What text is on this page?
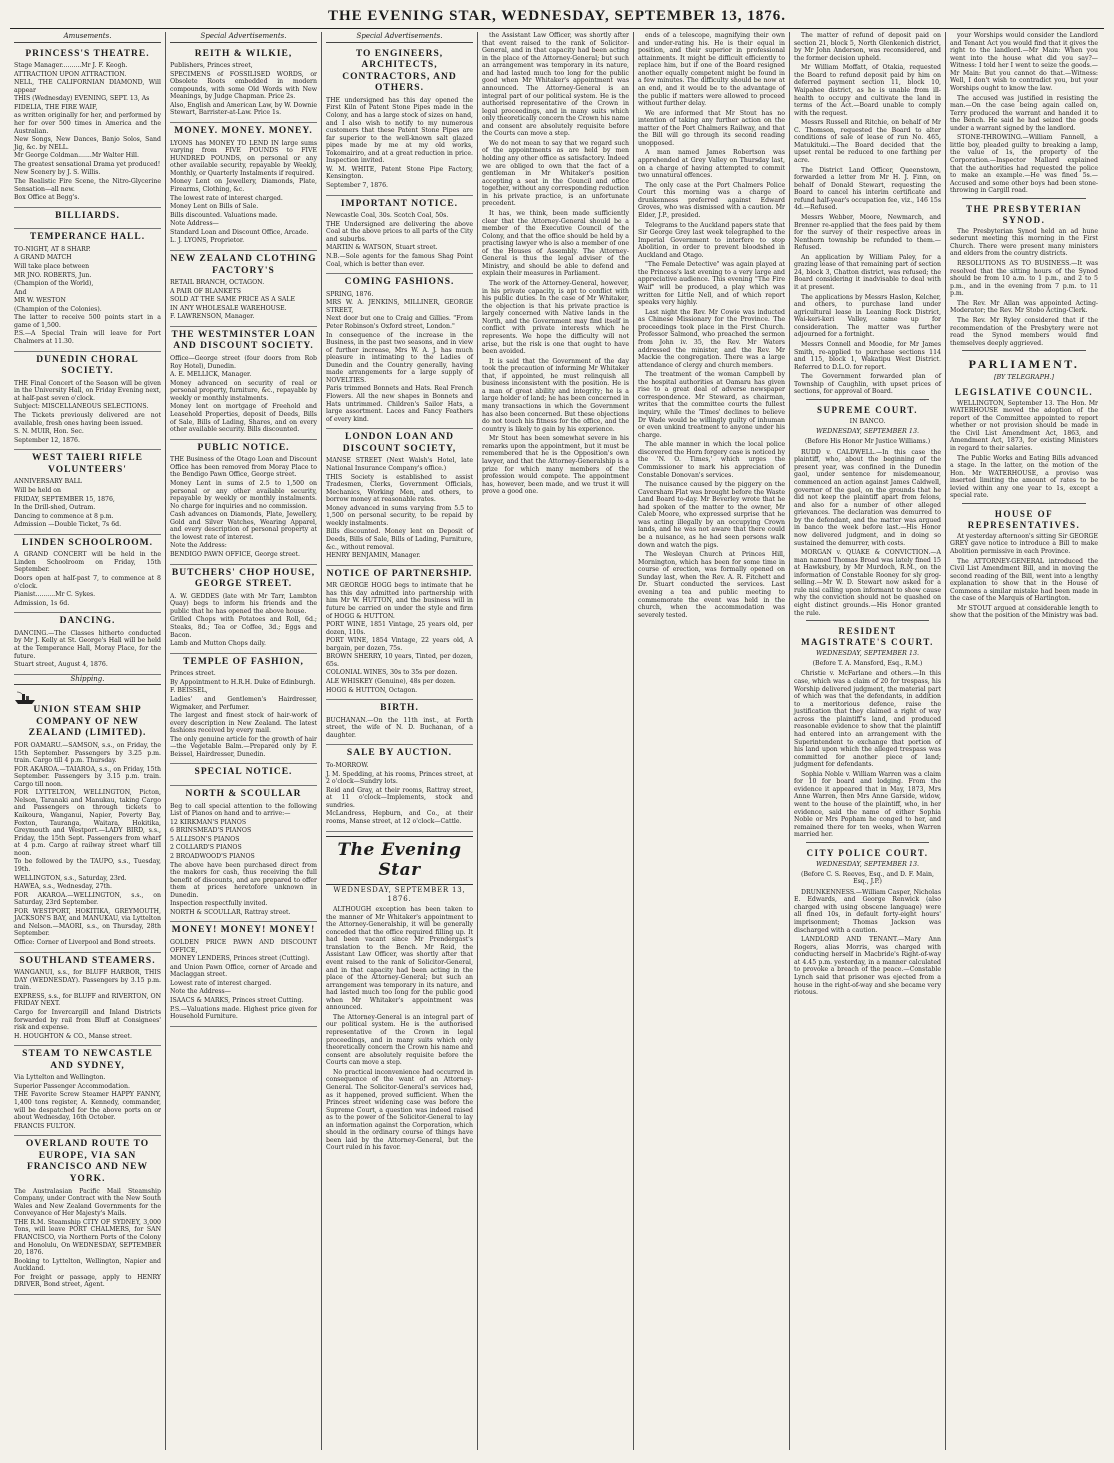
THE EVENING STAR, WEDNESDAY, SEPTEMBER 13, 1876.
Amusements.
PRINCESS'S THEATRE.

Stage Manager..........Mr J. F. Keogh.

ATTRACTION UPON ATTRACTION.

NELL, THE CALIFORNIAN DIAMOND, Will appear

THIS (Wednesday) EVENING, SEPT. 13, As

FIDELIA, THE FIRE WAIF,

as written originally for her, and performed by her for over 500 times in America and the Australian.

New Songs, New Dances, Banjo Solos, Sand Jig, &c. by NELL.

Mr George Coldman.......Mr Walter Hill.

The greatest sensational Drama yet produced!

New Scenery by J. S. Willis.

The Realistic Fire Scene, the Nitro-Glycerine Sensation—all new.

Box Office at Begg's.

BILLIARDS.
TEMPERANCE HALL.

TO-NIGHT, AT 8 SHARP.

A GRAND MATCH

Will take place between

MR JNO. ROBERTS, Jun.

(Champion of the World),

And

MR W. WESTON

(Champion of the Colonies).

The latter to receive 500 points start in a game of 1,500.

P.S.—A Special Train will leave for Port Chalmers at 11.30.

DUNEDIN CHORAL SOCIETY.

THE Final Concert of the Season will be given in the University Hall, on Friday Evening next, at half-past seven o'clock.

Subject: MISCELLANEOUS SELECTIONS.

The Tickets previously delivered are not available, fresh ones having been issued.

S. N. MUIR, Hon. Sec.

September 12, 1876.

WEST TAIERI RIFLE VOLUNTEERS'

ANNIVERSARY BALL

Will be held on

FRIDAY, SEPTEMBER 15, 1876,

In the Drill-shed, Outram.

Dancing to commence at 8 p.m.

Admission —Double Ticket, 7s 6d.

LINDEN SCHOOLROOM.

A GRAND CONCERT will be held in the Linden Schoolroom on Friday, 15th September.

Doors open at half-past 7, to commence at 8 o'clock.

Pianist..........Mr C. Sykes.

Admission, 1s 6d.

DANCING.

DANCING.—The Classes hitherto conducted by Mr J. Kelly at St. George's Hall will be held at the Temperance Hall, Moray Place, for the future.

Stuart street, August 4, 1876.

Shipping.
UNION STEAM SHIP COMPANY OF NEW ZEALAND (LIMITED).

FOR OAMARU.—SAMSON, s.s., on Friday, the 15th September. Passengers by 3.25 p.m. train. Cargo till 4 p.m. Thursday.

FOR AKAROA.—TAIAROA, s.s., on Friday, 15th September. Passengers by 3.15 p.m. train. Cargo till noon.

FOR LYTTELTON, WELLINGTON, Picton, Nelson, Taranaki and Manukau, taking Cargo and Passengers on through tickets to Kaikoura, Wanganui, Napier, Poverty Bay, Foxton, Tauranga, Waitara, Hokitika, Greymouth and Westport.—LADY BIRD, s.s., Friday, the 15th Sept. Passengers from wharf at 4 p.m. Cargo at railway street wharf till noon.

To be followed by the TAUPO, s.s., Tuesday, 19th.

WELLINGTON, s.s., Saturday, 23rd.

HAWEA, s.s., Wednesday, 27th.

FOR AKAROA.—WELLINGTON, s.s., on Saturday, 23rd September.

FOR WESTPORT, HOKITIKA, GREYMOUTH, JACKSON'S BAY, and MANUKAU, via Lyttelton and Nelson.—MAORI, s.s., on Thursday, 28th September.

Office: Corner of Liverpool and Bond streets.

SOUTHLAND STEAMERS.

WANGANUI, s.s., for BLUFF HARBOR, THIS DAY (WEDNESDAY). Passengers by 3.15 p.m. train.

EXPRESS, s.s., for BLUFF and RIVERTON, ON FRIDAY NEXT.

Cargo for Invercargill and Inland Districts forwarded by rail from Bluff at Consignees' risk and expense.

H. HOUGHTON & CO., Manse street.

STEAM TO NEWCASTLE AND SYDNEY,

Via Lyttelton and Wellington.

Superior Passenger Accommodation.

THE Favorite Screw Steamer HAPPY FANNY, 1,400 tons register, A. Kennedy, commander, will be despatched for the above ports on or about Wednesday, 16th October.

FRANCIS FULTON.

OVERLAND ROUTE TO EUROPE, VIA SAN FRANCISCO AND NEW YORK.

The Australasian Pacific Mail Steamship Company, under Contract with the New South Wales and New Zealand Governments for the Conveyance of Her Majesty's Mails.

THE R.M. Steamship CITY OF SYDNEY, 3,000 Tons, will leave PORT CHALMERS, for SAN FRANCISCO, via Northern Ports of the Colony and Honolulu, On WEDNESDAY, SEPTEMBER 20, 1876.

Booking to Lyttelton, Wellington, Napier and Auckland.

For freight or passage, apply to HENRY DRIVER, Bond street, Agent.

Special Advertisements.
REITH & WILKIE,

Publishers, Princes street,

SPECIMENS of FOSSILISED WORDS, or Obsolete Roots embedded in modern compounds, with some Old Words with New Meanings, by Judge Chapman. Price 2s.

Also, English and American Law, by W. Downie Stewart, Barrister-at-Law. Price 1s.

MONEY. MONEY. MONEY.

LYONS has MONEY TO LEND IN large sums varying from FIVE POUNDS to FIVE HUNDRED POUNDS, on personal or any other available security, repayable by Weekly, Monthly, or Quarterly Instalments if required.

Money Lent on Jewellery, Diamonds, Plate, Firearms, Clothing, &c.

The lowest rate of interest charged.

Money Lent on Bills of Sale.

Bills discounted. Valuations made.

Note Address—

Standard Loan and Discount Office, Arcade.

L. J. LYONS, Proprietor.

NEW ZEALAND CLOTHING FACTORY'S

RETAIL BRANCH, OCTAGON.

A PAIR OF BLANKETS

SOLD AT THE SAME PRICE AS A SALE

IN ANY WHOLESALE WAREHOUSE.

F. LAWRENSON, Manager.

THE WESTMINSTER LOAN AND DISCOUNT SOCIETY.

Office—George street (four doors from Rob Roy Hotel), Dunedin.

A. E. MELLICK, Manager.

Money advanced on security of real or personal property, furniture, &c., repayable by weekly or monthly instalments.

Money lent on mortgage of Freehold and Leasehold Properties, deposit of Deeds, Bills of Sale, Bills of Lading, Shares, and on every other available security. Bills discounted.

PUBLIC NOTICE.

THE Business of the Otago Loan and Discount Office has been removed from Moray Place to the Bendigo Pawn Office, George street.

Money Lent in sums of 2.5 to 1,500 on personal or any other available security, repayable by weekly or monthly instalments. No charge for inquiries and no commission.

Cash advances on Diamonds, Plate, Jewellery, Gold and Silver Watches, Wearing Apparel, and every description of personal property at the lowest rate of interest.

Note the Address:

BENDIGO PAWN OFFICE, George street.

BUTCHERS' CHOP HOUSE, GEORGE STREET.

A. W. GEDDES (late with Mr Tarr, Lambton Quay) begs to inform his friends and the public that he has opened the above house.

Grilled Chops with Potatoes and Roll, 6d.; Steaks, 8d.; Tea or Coffee, 3d.; Eggs and Bacon.

Lamb and Mutton Chops daily.

TEMPLE OF FASHION,

Princes street.

By Appointment to H.R.H. Duke of Edinburgh.

F. BEISSEL,

Ladies' and Gentlemen's Hairdresser, Wigmaker, and Perfumer.

The largest and finest stock of hair-work of every description in New Zealand. The latest fashions received by every mail.

The only genuine article for the growth of hair—the Vegetable Balm.—Prepared only by F. Beissel, Hairdresser, Dunedin.

SPECIAL NOTICE.
NORTH & SCOULLAR

Beg to call special attention to the following List of Pianos on hand and to arrive:—

12 KIRKMAN'S PIANOS

6 BRINSMEAD'S PIANOS

5 ALLISON'S PIANOS

2 COLLARD'S PIANOS

2 BROADWOOD'S PIANOS

The above have been purchased direct from the makers for cash, thus receiving the full benefit of discounts, and are prepared to offer them at prices heretofore unknown in Dunedin.

Inspection respectfully invited.

NORTH & SCOULLAR, Rattray street.

MONEY! MONEY! MONEY!

GOLDEN PRICE PAWN AND DISCOUNT OFFICE,

MONEY LENDERS, Princes street (Cutting).

and Union Pawn Office, corner of Arcade and Maclaggan street.

Lowest rate of interest charged.

Note the Address—

ISAACS & MARKS, Princes street Cutting.

P.S.—Valuations made. Highest price given for Household Furniture.

Special Advertisements.
TO ENGINEERS, ARCHITECTS, CONTRACTORS, AND OTHERS.

THE undersigned has this day opened the First Kiln of Patent Stone Pipes made in the Colony, and has a large stock of sizes on hand, and I also wish to notify to my numerous customers that these Patent Stone Pipes are far superior to the well-known salt glazed pipes made by me at my old works, Tokomairiro, and at a great reduction in price. Inspection invited.

W. M. WHITE, Patent Stone Pipe Factory, Kensington.

September 7, 1876.

IMPORTANT NOTICE.

Newcastle Coal, 30s. Scotch Coal, 50s.

THE Undersigned are delivering the above Coal at the above prices to all parts of the City and suburbs.

MARTIN & WATSON, Stuart street.

N.B.—Sole agents for the famous Shag Point Coal, which is better than ever.

COMING FASHIONS.

SPRING, 1876.

MRS W. A. JENKINS, MILLINER, GEORGE STREET,

Next door but one to Craig and Gillies. "From Peter Robinson's Oxford street, London."

In consequence of the increase in the Business, in the past two seasons, and in view of further increase, Mrs W. A. J. has much pleasure in intimating to the Ladies of Dunedin and the Country generally, having made arrangements for a large supply of NOVELTIES.

Paris trimmed Bonnets and Hats. Real French Flowers. All the new shapes in Bonnets and Hats untrimmed. Children's Sailor Hats, a large assortment. Laces and Fancy Feathers of every kind.

LONDON LOAN AND DISCOUNT SOCIETY,

MANSE STREET (Next Walsh's Hotel, late National Insurance Company's office.)

THIS Society is established to assist Tradesmen, Clerks, Government Officials, Mechanics, Working Men, and others, to borrow money at reasonable rates.

Money advanced in sums varying from 5.5 to 1,500 on personal security, to be repaid by weekly instalments.

Bills discounted. Money lent on Deposit of Deeds, Bills of Sale, Bills of Lading, Furniture, &c., without removal.

HENRY BENJAMIN, Manager.

NOTICE OF PARTNERSHIP.

MR GEORGE HOGG begs to intimate that he has this day admitted into partnership with him Mr W. HUTTON, and the business will in future be carried on under the style and firm of HOGG & HUTTON.

PORT WINE, 1851 Vintage, 25 years old, per dozen, 110s.

PORT WINE, 1854 Vintage, 22 years old, A bargain, per dozen, 75s.

BROWN SHERRY, 10 years, Tinted, per dozen, 65s.

COLONIAL WINES, 30s to 35s per dozen.

ALE WHISKEY (Genuine), 48s per dozen.

HOGG & HUTTON, Octagon.

BIRTH.

BUCHANAN.—On the 11th inst., at Forth street, the wife of N. D. Buchanan, of a daughter.

SALE BY AUCTION.

To-MORROW.

J. M. Spedding, at his rooms, Princes street, at 2 o'clock—Sundry lots.

Reid and Gray, at their rooms, Rattray street, at 11 o'clock—Implements, stock and sundries.

McLandress, Hepburn, and Co., at their rooms, Manse street, at 12 o'clock—Cattle.

The Evening Star
WEDNESDAY, SEPTEMBER 13, 1876.

ALTHOUGH exception has been taken to the manner of Mr Whitaker's appointment to the Attorney-Generalship, it will be generally conceded that the office required filling up. It had been vacant since Mr Prendergast's translation to the Bench. Mr Reid, the Assistant Law Officer, was shortly after that event raised to the rank of Solicitor-General, and in that capacity had been acting in the place of the Attorney-General; but such an arrangement was temporary in its nature, and had lasted much too long for the public good when Mr Whitaker's appointment was announced.

The Attorney-General is an integral part of our political system. He is the authorised representative of the Crown in legal proceedings, and in many suits which only theoretically concern the Crown his name and consent are absolutely requisite before the Courts can move a step.

No practical inconvenience had occurred in consequence of the want of an Attorney-General. The Solicitor-General's services had, as it happened, proved sufficient. When the Princes street widening case was before the Supreme Court, a question was indeed raised as to the power of the Solicitor-General to lay an information against the Corporation, which should in the ordinary course of things have been laid by the Attorney-General, but the Court ruled in his favor.

the Assistant Law Officer, was shortly after that event raised to the rank of Solicitor-General, and in that capacity had been acting in the place of the Attorney-General; but such an arrangement was temporary in its nature, and had lasted much too long for the public good when Mr Whitaker's appointment was announced. The Attorney-General is an integral part of our political system. He is the authorised representative of the Crown in legal proceedings, and in many suits which only theoretically concern the Crown his name and consent are absolutely requisite before the Courts can move a step.

We do not mean to say that we regard such of the appointments as are held by men holding any other office as satisfactory. Indeed we are obliged to own that the fact of a gentleman in Mr Whitaker's position accepting a seat in the Council and office together, without any corresponding reduction in his private practice, is an unfortunate precedent.

It has, we think, been made sufficiently clear that the Attorney-General should be a member of the Executive Council of the Colony, and that the office should be held by a practising lawyer who is also a member of one of the Houses of Assembly. The Attorney-General is thus the legal adviser of the Ministry, and should be able to defend and explain their measures in Parliament.

The work of the Attorney-General, however, in his private capacity, is apt to conflict with his public duties. In the case of Mr Whitaker, the objection is that his private practice is largely concerned with Native lands in the North, and the Government may find itself in conflict with private interests which he represents. We hope the difficulty will not arise, but the risk is one that ought to have been avoided.

It is said that the Government of the day took the precaution of informing Mr Whitaker that, if appointed, he must relinquish all business inconsistent with the position. He is a man of great ability and integrity; he is a large holder of land; he has been concerned in many transactions in which the Government has also been concerned. But these objections do not touch his fitness for the office, and the country is likely to gain by his experience.

Mr Stout has been somewhat severe in his remarks upon the appointment, but it must be remembered that he is the Opposition's own lawyer, and that the Attorney-Generalship is a prize for which many members of the profession would compete. The appointment has, however, been made, and we trust it will prove a good one.

ends of a telescope, magnifying their own and under-rating his. He is their equal in position, and their superior in professional attainments. It might be difficult efficiently to replace him, but if one of the Board resigned another equally competent might be found in a few minutes. The difficulty should be now at an end, and it would be to the advantage of the public if matters were allowed to proceed without further delay.

We are informed that Mr Stout has no intention of taking any further action on the matter of the Port Chalmers Railway, and that the Bill will go through its second reading unopposed.

A man named James Robertson was apprehended at Grey Valley on Thursday last, on a charge of having attempted to commit two unnatural offences.

The only case at the Port Chalmers Police Court this morning was a charge of drunkenness preferred against Edward Groves, who was dismissed with a caution. Mr Elder, J.P., presided.

Telegrams to the Auckland papers state that Sir George Grey last week telegraphed to the Imperial Government to interfere to stop Abolition, in order to prevent bloodshed in Auckland and Otago.

"The Female Detective" was again played at the Princess's last evening to a very large and appreciative audience. This evening "The Fire Waif" will be produced, a play which was written for Little Nell, and of which report speaks very highly.

Last night the Rev. Mr Cowie was inducted as Chinese Missionary for the Province. The proceedings took place in the First Church. Professor Salmond, who preached the sermon from John iv. 35, the Rev. Mr Waters addressed the minister, and the Rev. Mr Mackie the congregation. There was a large attendance of clergy and church members.

The treatment of the woman Campbell by the hospital authorities at Oamaru has given rise to a great deal of adverse newspaper correspondence. Mr Steward, as chairman, writes that the committee courts the fullest inquiry, while the 'Times' declines to believe Dr Wade would be willingly guilty of inhuman or even unkind treatment to anyone under his charge.

The able manner in which the local police discovered the Horn forgery case is noticed by the 'N. O. Times,' which urges the Commissioner to mark his appreciation of Constable Donovan's services.

The nuisance caused by the piggery on the Caversham Flat was brought before the Waste Land Board to-day. Mr Beverley wrote that he had spoken of the matter to the owner, Mr Caleb Moore, who expressed surprise that he was acting illegally by an occupying Crown lands, and he was not aware that there could be a nuisance, as he had seen persons walk down and watch the pigs.

The Wesleyan Church at Princes Hill, Mornington, which has been for some time in course of erection, was formally opened on Sunday last, when the Rev. A. R. Fitchett and Dr. Stuart conducted the services. Last evening a tea and public meeting to commemorate the event was held in the church, when the accommodation was severely tested.

The matter of refund of deposit paid on section 21, block 5, North Glenkenich district, by Mr John Anderson, was reconsidered, and the former decision upheld.

Mr William Moffatt, of Otakia, requested the Board to refund deposit paid by him on deferred payment section 11, block 10, Waipahee district, as he is unable from ill-health to occupy and cultivate the land in terms of the Act.—Board unable to comply with the request.

Messrs Russell and Ritchie, on behalf of Mr C. Thomson, requested the Board to alter conditions of sale of lease of run No. 465, Matukituki.—The Board decided that the upset rental be reduced to one farthing per acre.

The District Land Officer, Queenstown, forwarded a letter from Mr H. J. Finn, on behalf of Donald Stewart, requesting the Board to cancel his interim certificate and refund half-year's occupation fee, viz., 146 15s 4d.—Refused.

Messrs Webber, Moore, Newmarch, and Brenner re-applied that the fees paid by them for the survey of their respective areas in Nenthorn township be refunded to them.—Refused.

An application by William Paley, for a grazing lease of that remaining part of section 24, block 3, Chatton district, was refused; the Board considering it inadvisable to deal with it at present.

The applications by Messrs Haslon, Kelcher, and others, to purchase land under agricultural lease in Leaning Rock District, Wai-keri-keri Valley, came up for consideration. The matter was further adjourned for a fortnight.

Messrs Connell and Moodie, for Mr James Smith, re-applied to purchase sections 114 and 115, block 1, Wakatipu West District. Referred to D.L.O. for report.

The Government forwarded plan of Township of Caughlin, with upset prices of sections, for approval of Board.

SUPREME COURT.
IN BANCO.
WEDNESDAY, SEPTEMBER 13.
(Before His Honor Mr Justice Williams.)

RUDD v. CALDWELL.—In this case the plaintiff, who, about the beginning of the present year, was confined in the Dunedin gaol, under sentence for misdemeanour, commenced an action against James Caldwell, governor of the gaol, on the grounds that he did not keep the plaintiff apart from felons, and also for a number of other alleged grievances. The declaration was demurred to by the defendant, and the matter was argued in banco the week before last.—His Honor now delivered judgment, and in doing so sustained the demurrer, with costs.

MORGAN v. QUAKE & CONVICTION.—A man named Thomas Broad was lately fined 15 at Hawksbury, by Mr Murdoch, R.M., on the information of Constable Rooney for sly grog-selling.—Mr W. D. Stewart now asked for a rule nisi calling upon informant to show cause why the conviction should not be quashed on eight distinct grounds.—His Honor granted the rule.

RESIDENT MAGISTRATE'S COURT.
WEDNESDAY, SEPTEMBER 13.
(Before T. A. Mansford, Esq., R.M.)

Christie v. McFarlane and others.—In this case, which was a claim of 20 for trespass, his Worship delivered judgment, the material part of which was that the defendants, in addition to a meritorious defence, raise the justification that they claimed a right of way across the plaintiff's land, and produced reasonable evidence to show that the plaintiff had entered into an arrangement with the Superintendent to exchange that portion of his land upon which the alleged trespass was committed for another piece of land; judgment for defendants.

Sophia Noble v. William Warren was a claim for 10 for board and lodging. From the evidence it appeared that in May, 1873, Mrs Anne Warren, then Mrs Anne Garside, widow, went to the house of the plaintiff, who, in her evidence, said the name of either Sophia Noble or Mrs Popham he conged to her, and remained there for ten weeks, when Warren married her.

CITY POLICE COURT.
WEDNESDAY, SEPTEMBER 13.
(Before C. S. Reeves, Esq., and D. F. Main, Esq., J.P.)

DRUNKENNESS.—William Casper, Nicholas E. Edwards, and George Renwick (also charged with using obscene language) were all fined 10s, in default forty-eight hours' imprisonment; Thomas Jackson was discharged with a caution.

LANDLORD AND TENANT.—Mary Ann Rogers, alias Morris, was charged with conducting herself in Macbride's Right-of-way at 4.45 p.m. yesterday, in a manner calculated to provoke a breach of the peace.—Constable Lynch said that prisoner was ejected from a house in the right-of-way and she became very riotous.

your Worships would consider the Landlord and Tenant Act you would find that it gives the right to the landlord.—Mr Main: When you went into the house what did you say?—Witness: I told her I went to seize the goods.—Mr Main: But you cannot do that.—Witness: Well, I don't wish to contradict you, but your Worships ought to know the law.

The accused was justified in resisting the man.—On the case being again called on, Terry produced the warrant and handed it to the Bench. He said he had seized the goods under a warrant signed by the landlord.

STONE-THROWING.—William Fannell, a little boy, pleaded guilty to breaking a lamp, the value of 1s, the property of the Corporation.—Inspector Mallard explained that the authorities had requested the police to make an example.—He was fined 5s.—Accused and some other boys had been stone-throwing in Cargill road.

THE PRESBYTERIAN SYNOD.

The Presbyterian Synod held an ad hune sederunt meeting this morning in the First Church. There were present many ministers and elders from the country districts.

RESOLUTIONS AS TO BUSINESS.—It was resolved that the sitting hours of the Synod should be from 10 a.m. to 1 p.m., and 2 to 5 p.m., and in the evening from 7 p.m. to 11 p.m.

The Rev. Mr Allan was appointed Acting-Moderator; the Rev. Mr Stobo Acting-Clerk.

The Rev. Mr Ryley considered that if the recommendation of the Presbytery were not read the Synod members would find themselves deeply aggrieved.

PARLIAMENT.
[BY TELEGRAPH.]
LEGISLATIVE COUNCIL.

WELLINGTON, September 13. The Hon. Mr WATERHOUSE moved the adoption of the report of the Committee appointed to report whether or not provision should be made in the Civil List Amendment Act, 1863, and Amendment Act, 1873, for existing Ministers in regard to their salaries.

The Public Works and Eating Bills advanced a stage. In the latter, on the motion of the Hon. Mr WATERHOUSE, a proviso was inserted limiting the amount of rates to be levied within any one year to 1s, except a special rate.

HOUSE OF REPRESENTATIVES.

At yesterday afternoon's sitting Sir GEORGE GREY gave notice to introduce a Bill to make Abolition permissive in each Province.

The ATTORNEY-GENERAL introduced the Civil List Amendment Bill, and in moving the second reading of the Bill, went into a lengthy explanation to show that in the House of Commons a similar mistake had been made in the case of the Marquis of Hartington.

Mr STOUT argued at considerable length to show that the position of the Ministry was bad.
